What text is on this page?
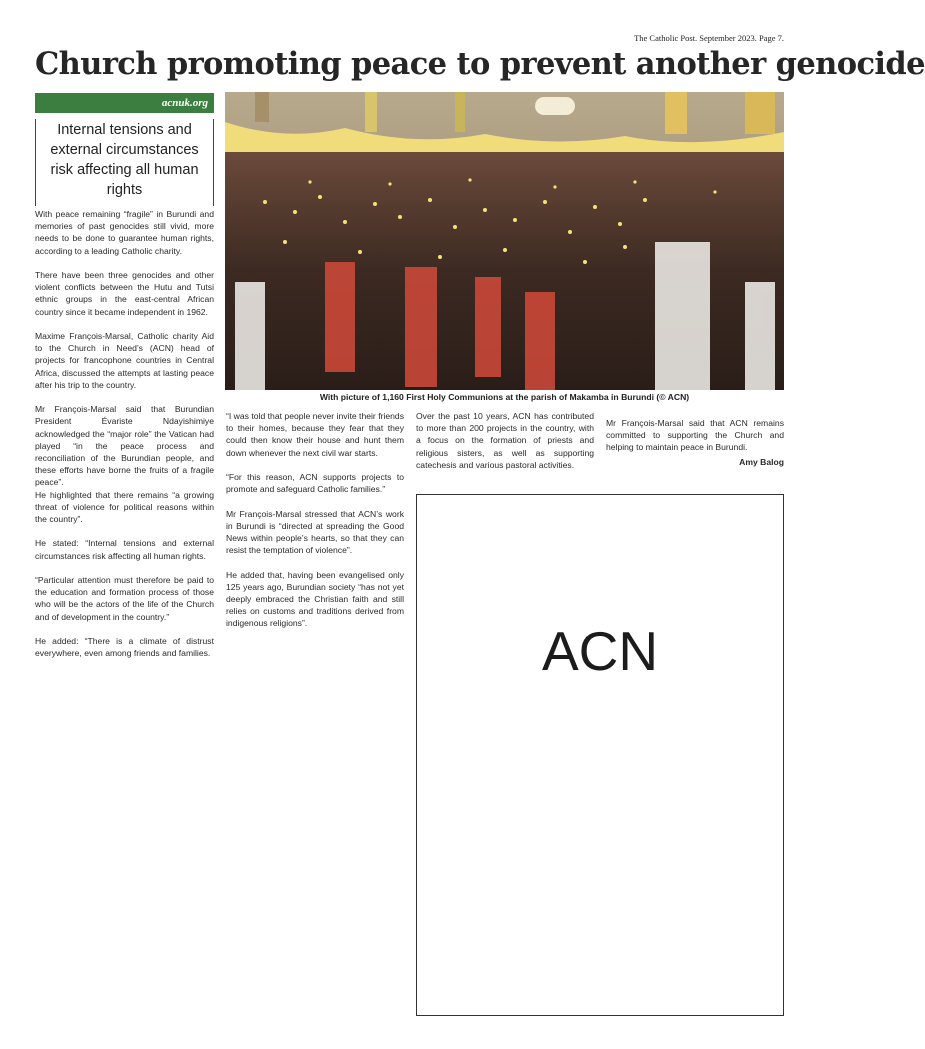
The Catholic Post. September 2023. Page 7.
Church promoting peace to prevent another genocide
acnuk.org
Internal tensions and external circumstances risk affecting all human rights

With peace remaining “fragile” in Burundi and memories of past genocides still vivid, more needs to be done to guarantee human rights, according to a leading Catholic charity.

There have been three genocides and other violent conflicts between the Hutu and Tutsi ethnic groups in the east-central African country since it became independent in 1962.

Maxime François-Marsal, Catholic charity Aid to the Church in Need’s (ACN) head of projects for francophone countries in Central Africa, discussed the attempts at lasting peace after his trip to the country.

Mr François-Marsal said that Burundian President Évariste Ndayishimiye acknowledged the “major role” the Vatican had played “in the peace process and reconciliation of the Burundian people, and these efforts have borne the fruits of a fragile peace”.

He highlighted that there remains “a growing threat of violence for political reasons within the country”.

He stated: “Internal tensions and external circumstances risk affecting all human rights.

“Particular attention must therefore be paid to the education and formation process of those who will be the actors of the life of the Church and of development in the country.”

He added: “There is a climate of distrust everywhere, even among friends and families.

With picture of 1,160 First Holy Communions at the parish of Makamba in Burundi (© ACN)

“I was told that people never invite their friends to their homes, because they fear that they could then know their house and hunt them down whenever the next civil war starts.

“For this reason, ACN supports projects to promote and safeguard Catholic families.”

Mr François-Marsal stressed that ACN’s work in Burundi is “directed at spreading the Good News within people’s hearts, so that they can resist the temptation of violence”.

He added that, having been evangelised only 125 years ago, Burundian society “has not yet deeply embraced the Christian faith and still relies on customs and traditions derived from indigenous religions”.

Over the past 10 years, ACN has contributed to more than 200 projects in the country, with a focus on the formation of priests and religious sisters, as well as supporting catechesis and various pastoral activities.

Mr François-Marsal said that ACN remains committed to supporting the Church and helping to maintain peace in Burundi.

Amy Balog
ACN
